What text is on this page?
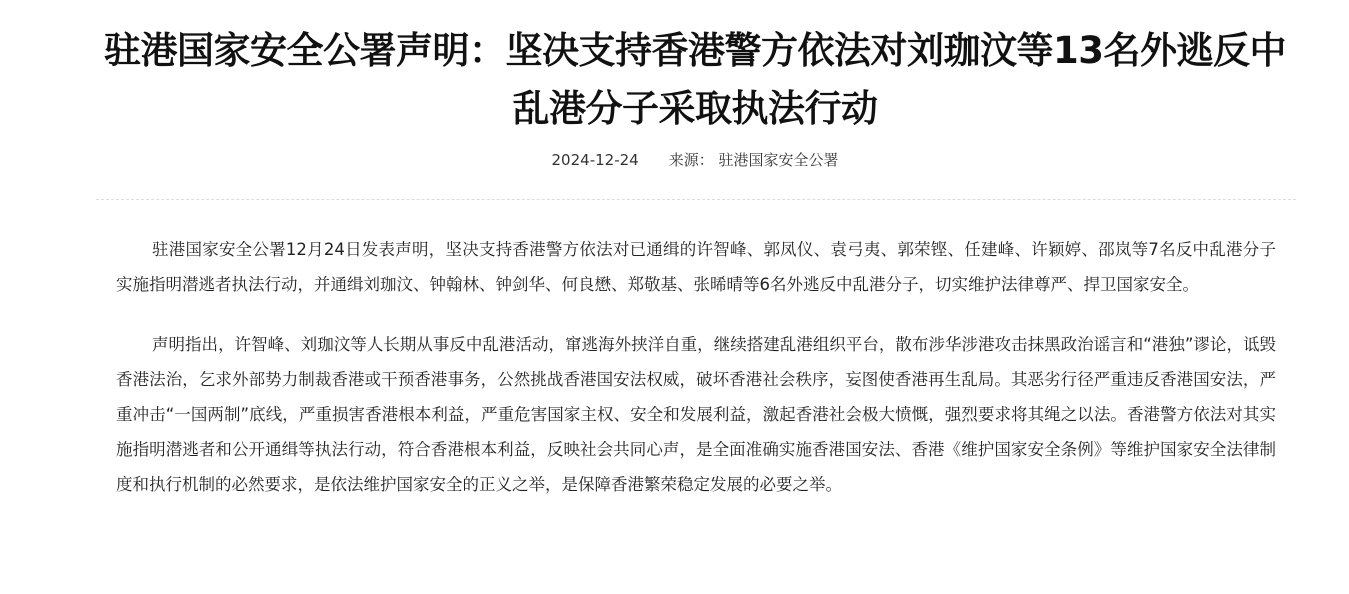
驻港国家安全公署声明：坚决支持香港警方依法对刘珈汶等13名外逃反中乱港分子采取执法行动
2024-12-24 来源： 驻港国家安全公署

驻港国家安全公署12月24日发表声明，坚决支持香港警方依法对已通缉的许智峰、郭凤仪、袁弓夷、郭荣铿、任建峰、许颖婷、邵岚等7名反中乱港分子实施指明潜逃者执法行动，并通缉刘珈汶、钟翰林、钟剑华、何良懋、郑敬基、张晞晴等6名外逃反中乱港分子，切实维护法律尊严、捍卫国家安全。

声明指出，许智峰、刘珈汶等人长期从事反中乱港活动，窜逃海外挟洋自重，继续搭建乱港组织平台，散布涉华涉港攻击抹黑政治谣言和“港独”谬论，诋毁香港法治，乞求外部势力制裁香港或干预香港事务，公然挑战香港国安法权威，破坏香港社会秩序，妄图使香港再生乱局。其恶劣行径严重违反香港国安法，严重冲击“一国两制”底线，严重损害香港根本利益，严重危害国家主权、安全和发展利益，激起香港社会极大愤慨，强烈要求将其绳之以法。香港警方依法对其实施指明潜逃者和公开通缉等执法行动，符合香港根本利益，反映社会共同心声，是全面准确实施香港国安法、香港《维护国家安全条例》等维护国家安全法律制度和执行机制的必然要求，是依法维护国家安全的正义之举，是保障香港繁荣稳定发展的必要之举。
